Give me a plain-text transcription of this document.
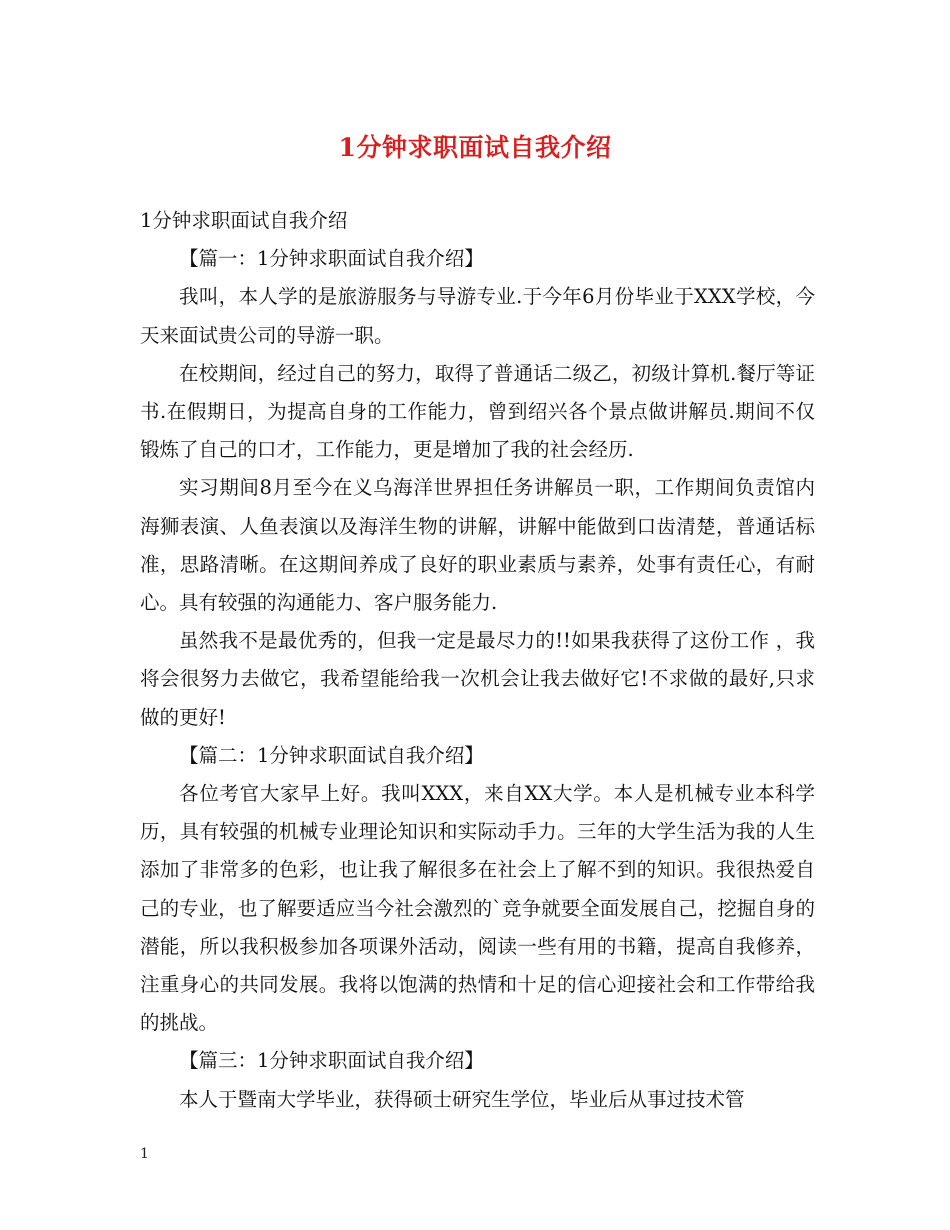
1分钟求职面试自我介绍

1分钟求职面试自我介绍

【篇一：1分钟求职面试自我介绍】

我叫，本人学的是旅游服务与导游专业.于今年6月份毕业于XXX学校，今天来面试贵公司的导游一职。

在校期间，经过自己的努力，取得了普通话二级乙，初级计算机.餐厅等证书.在假期日，为提高自身的工作能力，曾到绍兴各个景点做讲解员.期间不仅锻炼了自己的口才，工作能力，更是增加了我的社会经历.

实习期间8月至今在义乌海洋世界担任务讲解员一职，工作期间负责馆内海狮表演、人鱼表演以及海洋生物的讲解，讲解中能做到口齿清楚，普通话标准，思路清晰。在这期间养成了良好的职业素质与素养，处事有责任心，有耐心。具有较强的沟通能力、客户服务能力.

虽然我不是最优秀的，但我一定是最尽力的!!如果我获得了这份工作 ，我将会很努力去做它，我希望能给我一次机会让我去做好它!不求做的最好,只求做的更好!

【篇二：1分钟求职面试自我介绍】

各位考官大家早上好。我叫XXX，来自XX大学。本人是机械专业本科学历，具有较强的机械专业理论知识和实际动手力。三年的大学生活为我的人生添加了非常多的色彩，也让我了解很多在社会上了解不到的知识。我很热爱自己的专业，也了解要适应当今社会激烈的`竞争就要全面发展自己，挖掘自身的潜能，所以我积极参加各项课外活动，阅读一些有用的书籍，提高自我修养，注重身心的共同发展。我将以饱满的热情和十足的信心迎接社会和工作带给我的挑战。

【篇三：1分钟求职面试自我介绍】

本人于暨南大学毕业，获得硕士研究生学位，毕业后从事过技术管

1
